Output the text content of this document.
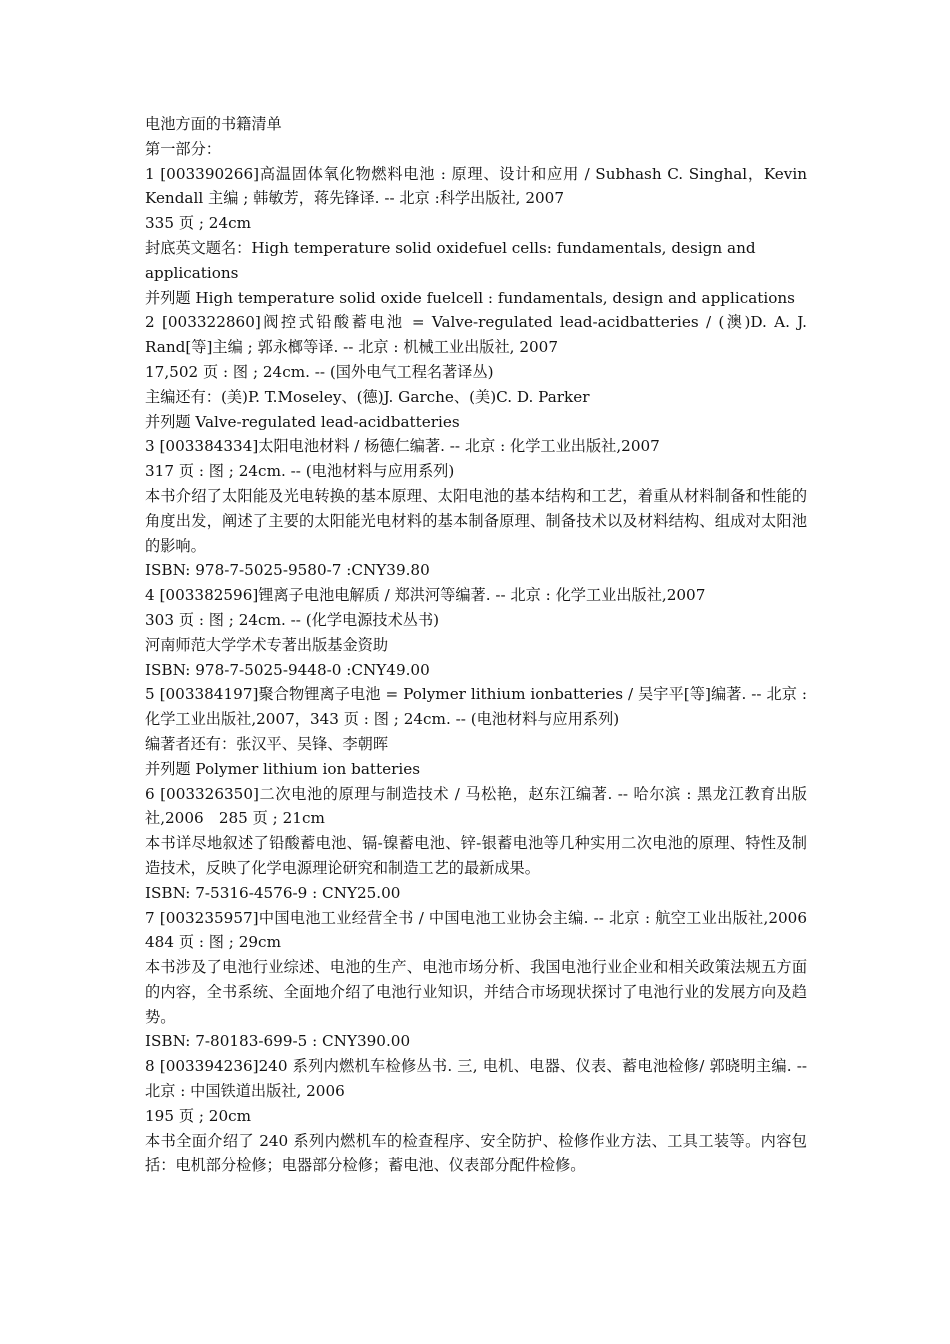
电池方面的书籍清单

第一部分：

1 [003390266]高温固体氧化物燃料电池 : 原理、设计和应用 / Subhash C. Singhal，Kevin Kendall 主编 ; 韩敏芳，蒋先锋译. -- 北京 :科学出版社, 2007

335 页 ; 24cm

封底英文题名：High temperature solid oxidefuel cells: fundamentals, design and applications

并列题 High temperature solid oxide fuelcell : fundamentals, design and applications

2 [003322860]阀控式铅酸蓄电池 = Valve-regulated lead-acidbatteries / (澳)D. A. J. Rand[等]主编 ; 郭永榔等译. -- 北京 : 机械工业出版社, 2007

17,502 页 : 图 ; 24cm. -- (国外电气工程名著译丛)

主编还有：(美)P. T.Moseley、(德)J. Garche、(美)C. D. Parker

并列题 Valve-regulated lead-acidbatteries

3 [003384334]太阳电池材料 / 杨德仁编著. -- 北京 : 化学工业出版社,2007

317 页 : 图 ; 24cm. -- (电池材料与应用系列)

本书介绍了太阳能及光电转换的基本原理、太阳电池的基本结构和工艺，着重从材料制备和性能的角度出发，阐述了主要的太阳能光电材料的基本制备原理、制备技术以及材料结构、组成对太阳池的影响。

ISBN: 978-7-5025-9580-7 :CNY39.80

4 [003382596]锂离子电池电解质 / 郑洪河等编著. -- 北京 : 化学工业出版社,2007

303 页 : 图 ; 24cm. -- (化学电源技术丛书)

河南师范大学学术专著出版基金资助

ISBN: 978-7-5025-9448-0 :CNY49.00

5 [003384197]聚合物锂离子电池 = Polymer lithium ionbatteries / 吴宇平[等]编著. -- 北京 : 化学工业出版社,2007，343 页 : 图 ; 24cm. -- (电池材料与应用系列)

编著者还有：张汉平、吴锋、李朝晖

并列题 Polymer lithium ion batteries

6 [003326350]二次电池的原理与制造技术 / 马松艳，赵东江编著. -- 哈尔滨 : 黑龙江教育出版社,2006　285 页 ; 21cm

本书详尽地叙述了铅酸蓄电池、镉-镍蓄电池、锌-银蓄电池等几种实用二次电池的原理、特性及制造技术，反映了化学电源理论研究和制造工艺的最新成果。

ISBN: 7-5316-4576-9 : CNY25.00

7 [003235957]中国电池工业经营全书 / 中国电池工业协会主编. -- 北京 : 航空工业出版社,2006　484 页 : 图 ; 29cm

本书涉及了电池行业综述、电池的生产、电池市场分析、我国电池行业企业和相关政策法规五方面的内容，全书系统、全面地介绍了电池行业知识，并结合市场现状探讨了电池行业的发展方向及趋势。

ISBN: 7-80183-699-5 : CNY390.00

8 [003394236]240 系列内燃机车检修丛书. 三, 电机、电器、仪表、蓄电池检修/ 郭晓明主编. -- 北京 : 中国铁道出版社, 2006

195 页 ; 20cm

本书全面介绍了 240 系列内燃机车的检查程序、安全防护、检修作业方法、工具工装等。内容包括：电机部分检修；电器部分检修；蓄电池、仪表部分配件检修。
